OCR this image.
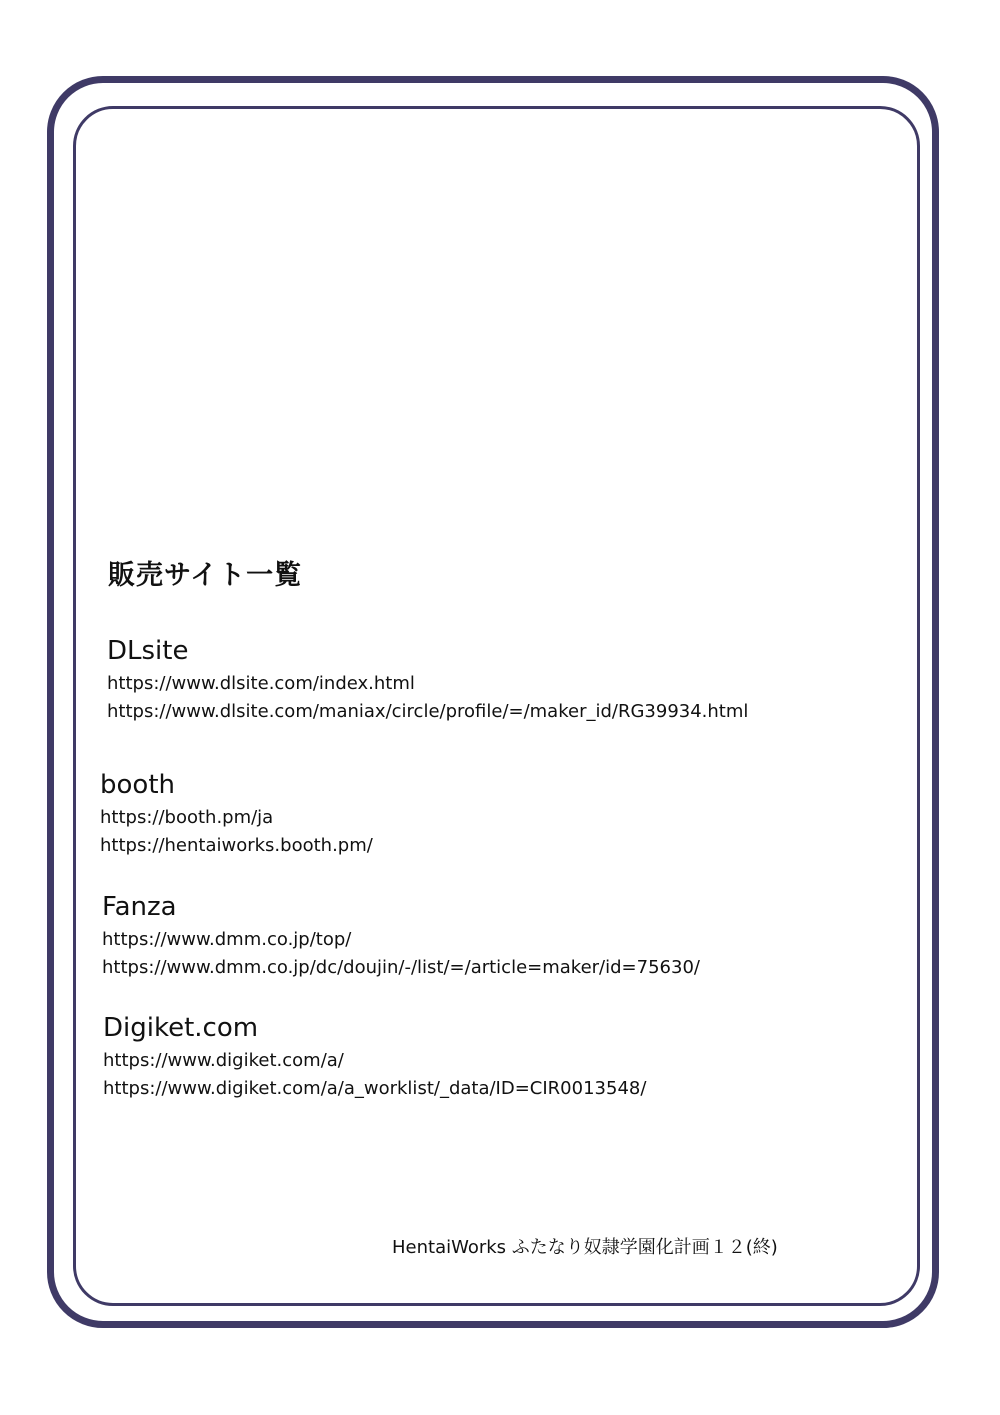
販売サイト一覧
DLsite
https://www.dlsite.com/index.html
https://www.dlsite.com/maniax/circle/profile/=/maker_id/RG39934.html
booth
https://booth.pm/ja
https://hentaiworks.booth.pm/
Fanza
https://www.dmm.co.jp/top/
https://www.dmm.co.jp/dc/doujin/-/list/=/article=maker/id=75630/
Digiket.com
https://www.digiket.com/a/
https://www.digiket.com/a/a_worklist/_data/ID=CIR0013548/
HentaiWorks ふたなり奴隷学園化計画１２(終)
